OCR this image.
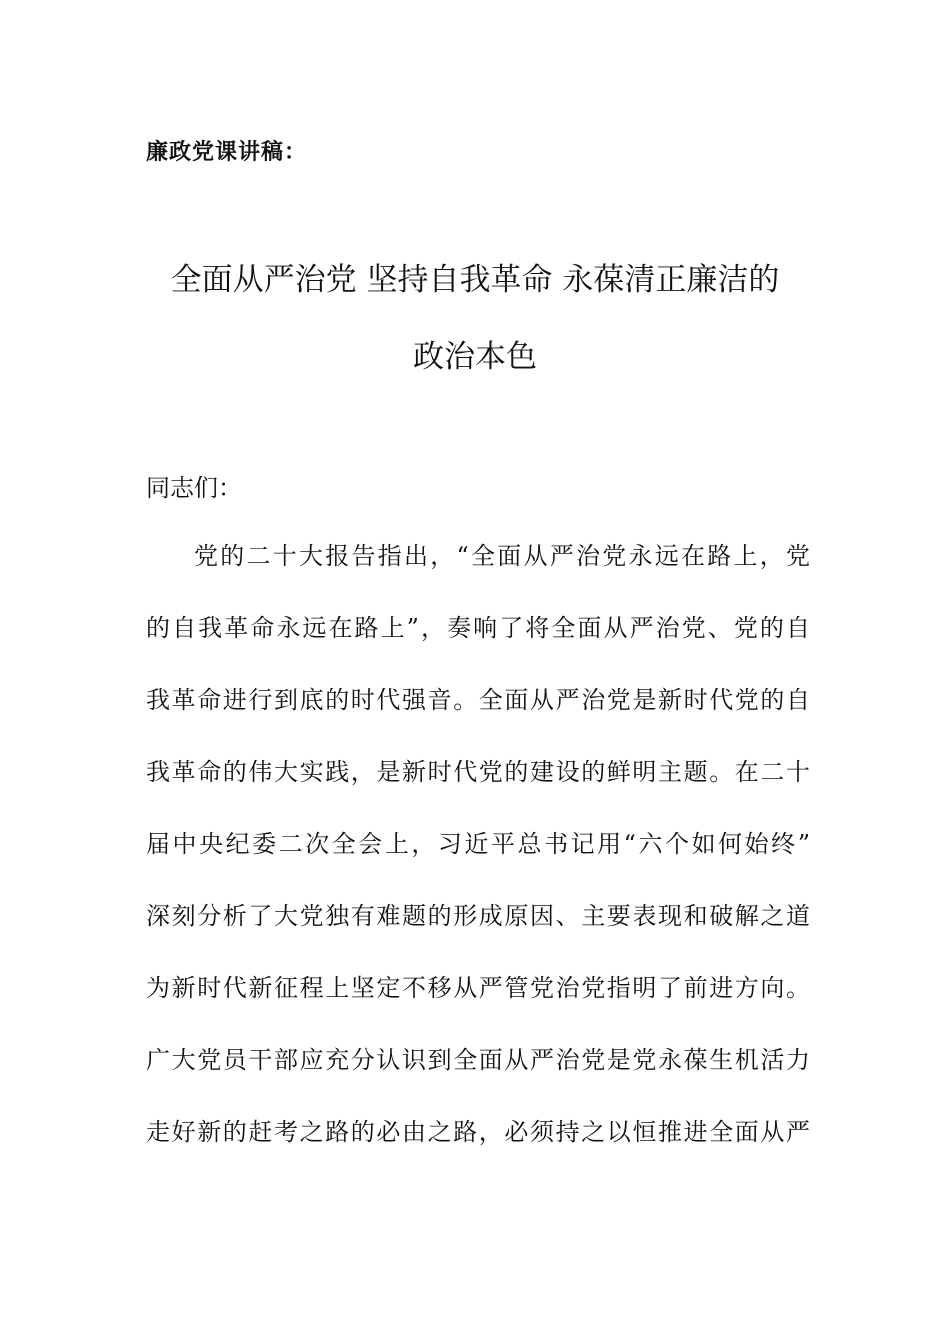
廉政党课讲稿：
全面从严治党 坚持自我革命 永葆清正廉洁的
政治本色
同志们：
党的二十大报告指出，“全面从严治党永远在路上，党
的自我革命永远在路上”，奏响了将全面从严治党、党的自
我革命进行到底的时代强音。全面从严治党是新时代党的自
我革命的伟大实践，是新时代党的建设的鲜明主题。在二十
届中央纪委二次全会上，习近平总书记用“六个如何始终”
深刻分析了大党独有难题的形成原因、主要表现和破解之道
为新时代新征程上坚定不移从严管党治党指明了前进方向。
广大党员干部应充分认识到全面从严治党是党永葆生机活力
走好新的赶考之路的必由之路，必须持之以恒推进全面从严
